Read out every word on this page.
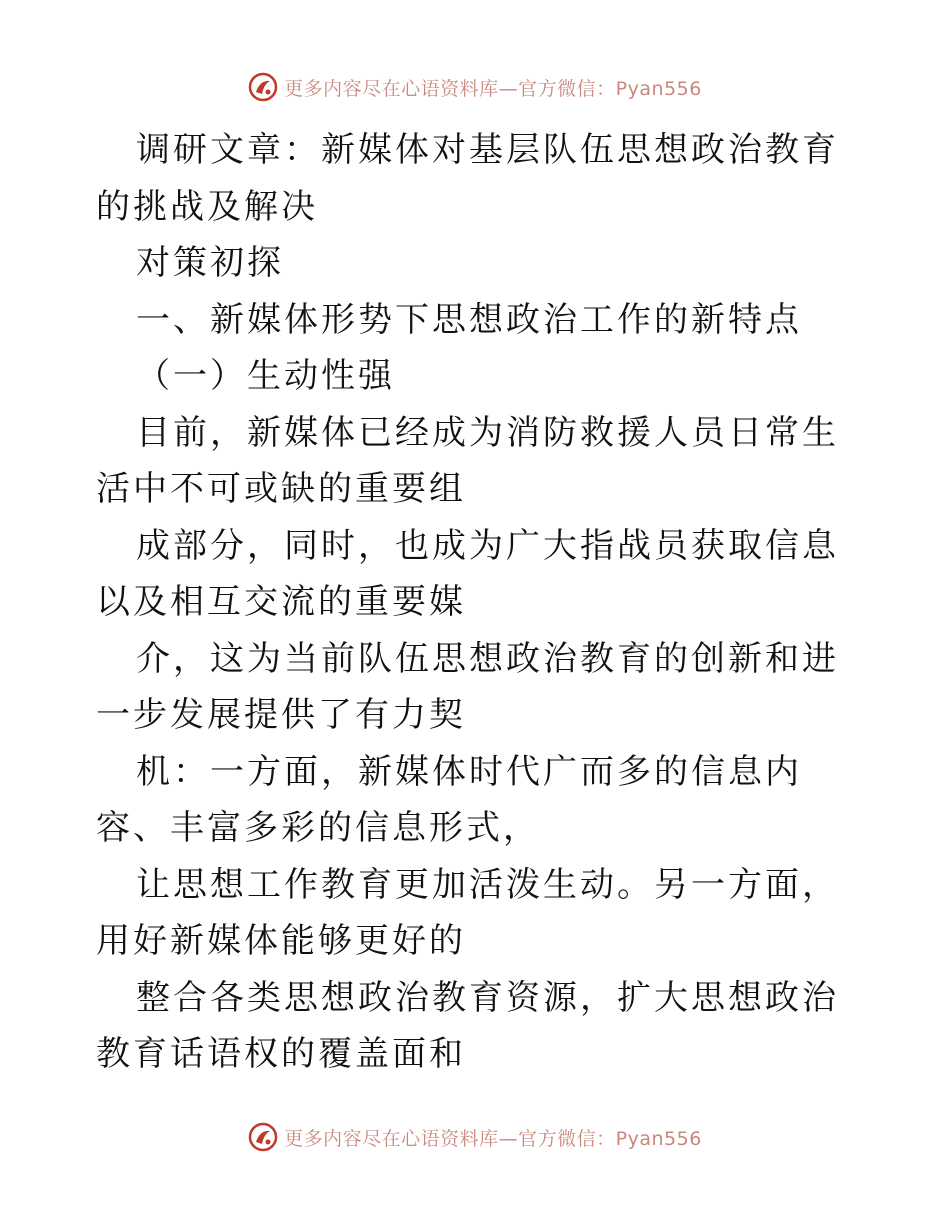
更多内容尽在心语资料库—官方微信：Pyan556

调研文章：新媒体对基层队伍思想政治教育的挑战及解决

对策初探

一、新媒体形势下思想政治工作的新特点

（一）生动性强

目前，新媒体已经成为消防救援人员日常生活中不可或缺的重要组

成部分，同时，也成为广大指战员获取信息以及相互交流的重要媒

介，这为当前队伍思想政治教育的创新和进一步发展提供了有力契

机：一方面，新媒体时代广而多的信息内容、丰富多彩的信息形式，

让思想工作教育更加活泼生动。另一方面，用好新媒体能够更好的

整合各类思想政治教育资源，扩大思想政治教育话语权的覆盖面和

更多内容尽在心语资料库—官方微信：Pyan556
